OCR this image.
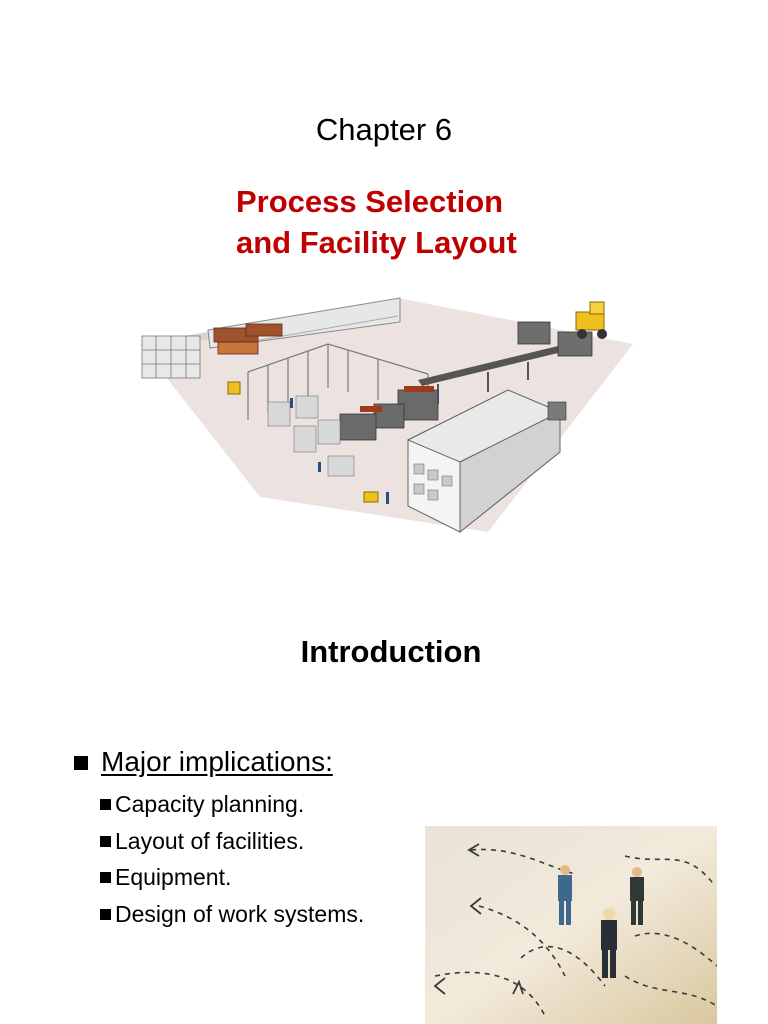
Chapter 6
Process Selection
and Facility Layout
Introduction
Major implications:
Capacity planning.
Layout of facilities.
Equipment.
Design of work systems.
